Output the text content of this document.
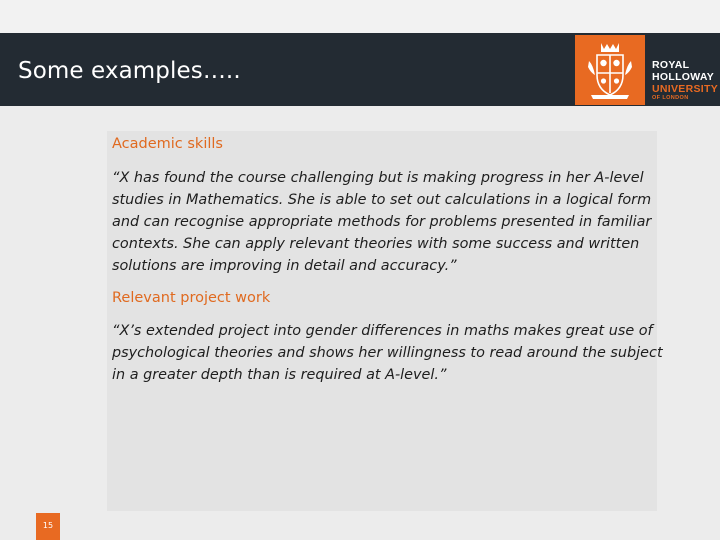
Some examples…..	ROYAL
HOLLOWAY
UNIVERSITY
OF LONDON
Academic skills
“X has found the course challenging but is making progress in her A-level
studies in Mathematics. She is able to set out calculations in a logical form
and can recognise appropriate methods for problems presented in familiar
contexts. She can apply relevant theories with some success and written
solutions are improving in detail and accuracy.”
Relevant project work
“X’s extended project into gender differences in maths makes great use of
psychological theories and shows her willingness to read around the subject
in a greater depth than is required at A-level.”
15
